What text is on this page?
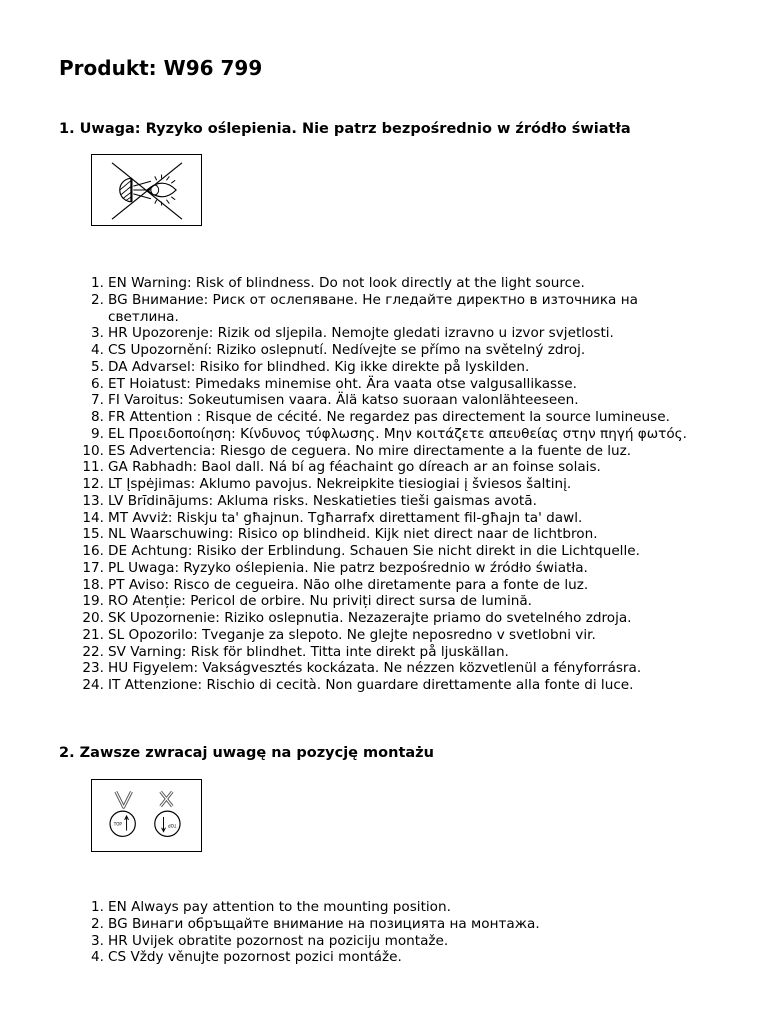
Produkt: W96 799
1. Uwaga: Ryzyko oślepienia. Nie patrz bezpośrednio w źródło światła
EN Warning: Risk of blindness. Do not look directly at the light source.
BG Внимание: Риск от ослепяване. Не гледайте директно в източника на светлина.
HR Upozorenje: Rizik od sljepila. Nemojte gledati izravno u izvor svjetlosti.
CS Upozornění: Riziko oslepnutí. Nedívejte se přímo na světelný zdroj.
DA Advarsel: Risiko for blindhed. Kig ikke direkte på lyskilden.
ET Hoiatust: Pimedaks minemise oht. Ära vaata otse valgusallikasse.
FI Varoitus: Sokeutumisen vaara. Älä katso suoraan valonlähteeseen.
FR Attention : Risque de cécité. Ne regardez pas directement la source lumineuse.
EL Προειδοποίηση: Κίνδυνος τύφλωσης. Μην κοιτάζετε απευθείας στην πηγή φωτός.
ES Advertencia: Riesgo de ceguera. No mire directamente a la fuente de luz.
GA Rabhadh: Baol dall. Ná bí ag féachaint go díreach ar an foinse solais.
LT Įspėjimas: Aklumo pavojus. Nekreipkite tiesiogiai į šviesos šaltinį.
LV Brīdinājums: Akluma risks. Neskatieties tieši gaismas avotā.
MT Avviż: Riskju ta' għajnun. Tgħarrafx direttament fil-għajn ta' dawl.
NL Waarschuwing: Risico op blindheid. Kijk niet direct naar de lichtbron.
DE Achtung: Risiko der Erblindung. Schauen Sie nicht direkt in die Lichtquelle.
PL Uwaga: Ryzyko oślepienia. Nie patrz bezpośrednio w źródło światła.
PT Aviso: Risco de cegueira. Não olhe diretamente para a fonte de luz.
RO Atenție: Pericol de orbire. Nu priviți direct sursa de lumină.
SK Upozornenie: Riziko oslepnutia. Nezazerajte priamo do svetelného zdroja.
SL Opozorilo: Tveganje za slepoto. Ne glejte neposredno v svetlobni vir.
SV Varning: Risk för blindhet. Titta inte direkt på ljuskällan.
HU Figyelem: Vakságvesztés kockázata. Ne nézzen közvetlenül a fényforrásra.
IT Attenzione: Rischio di cecità. Non guardare direttamente alla fonte di luce.
2. Zawsze zwracaj uwagę na pozycję montażu
TOP	TOP
EN Always pay attention to the mounting position.
BG Винаги обръщайте внимание на позицията на монтажа.
HR Uvijek obratite pozornost na poziciju montaže.
CS Vždy věnujte pozornost pozici montáže.
